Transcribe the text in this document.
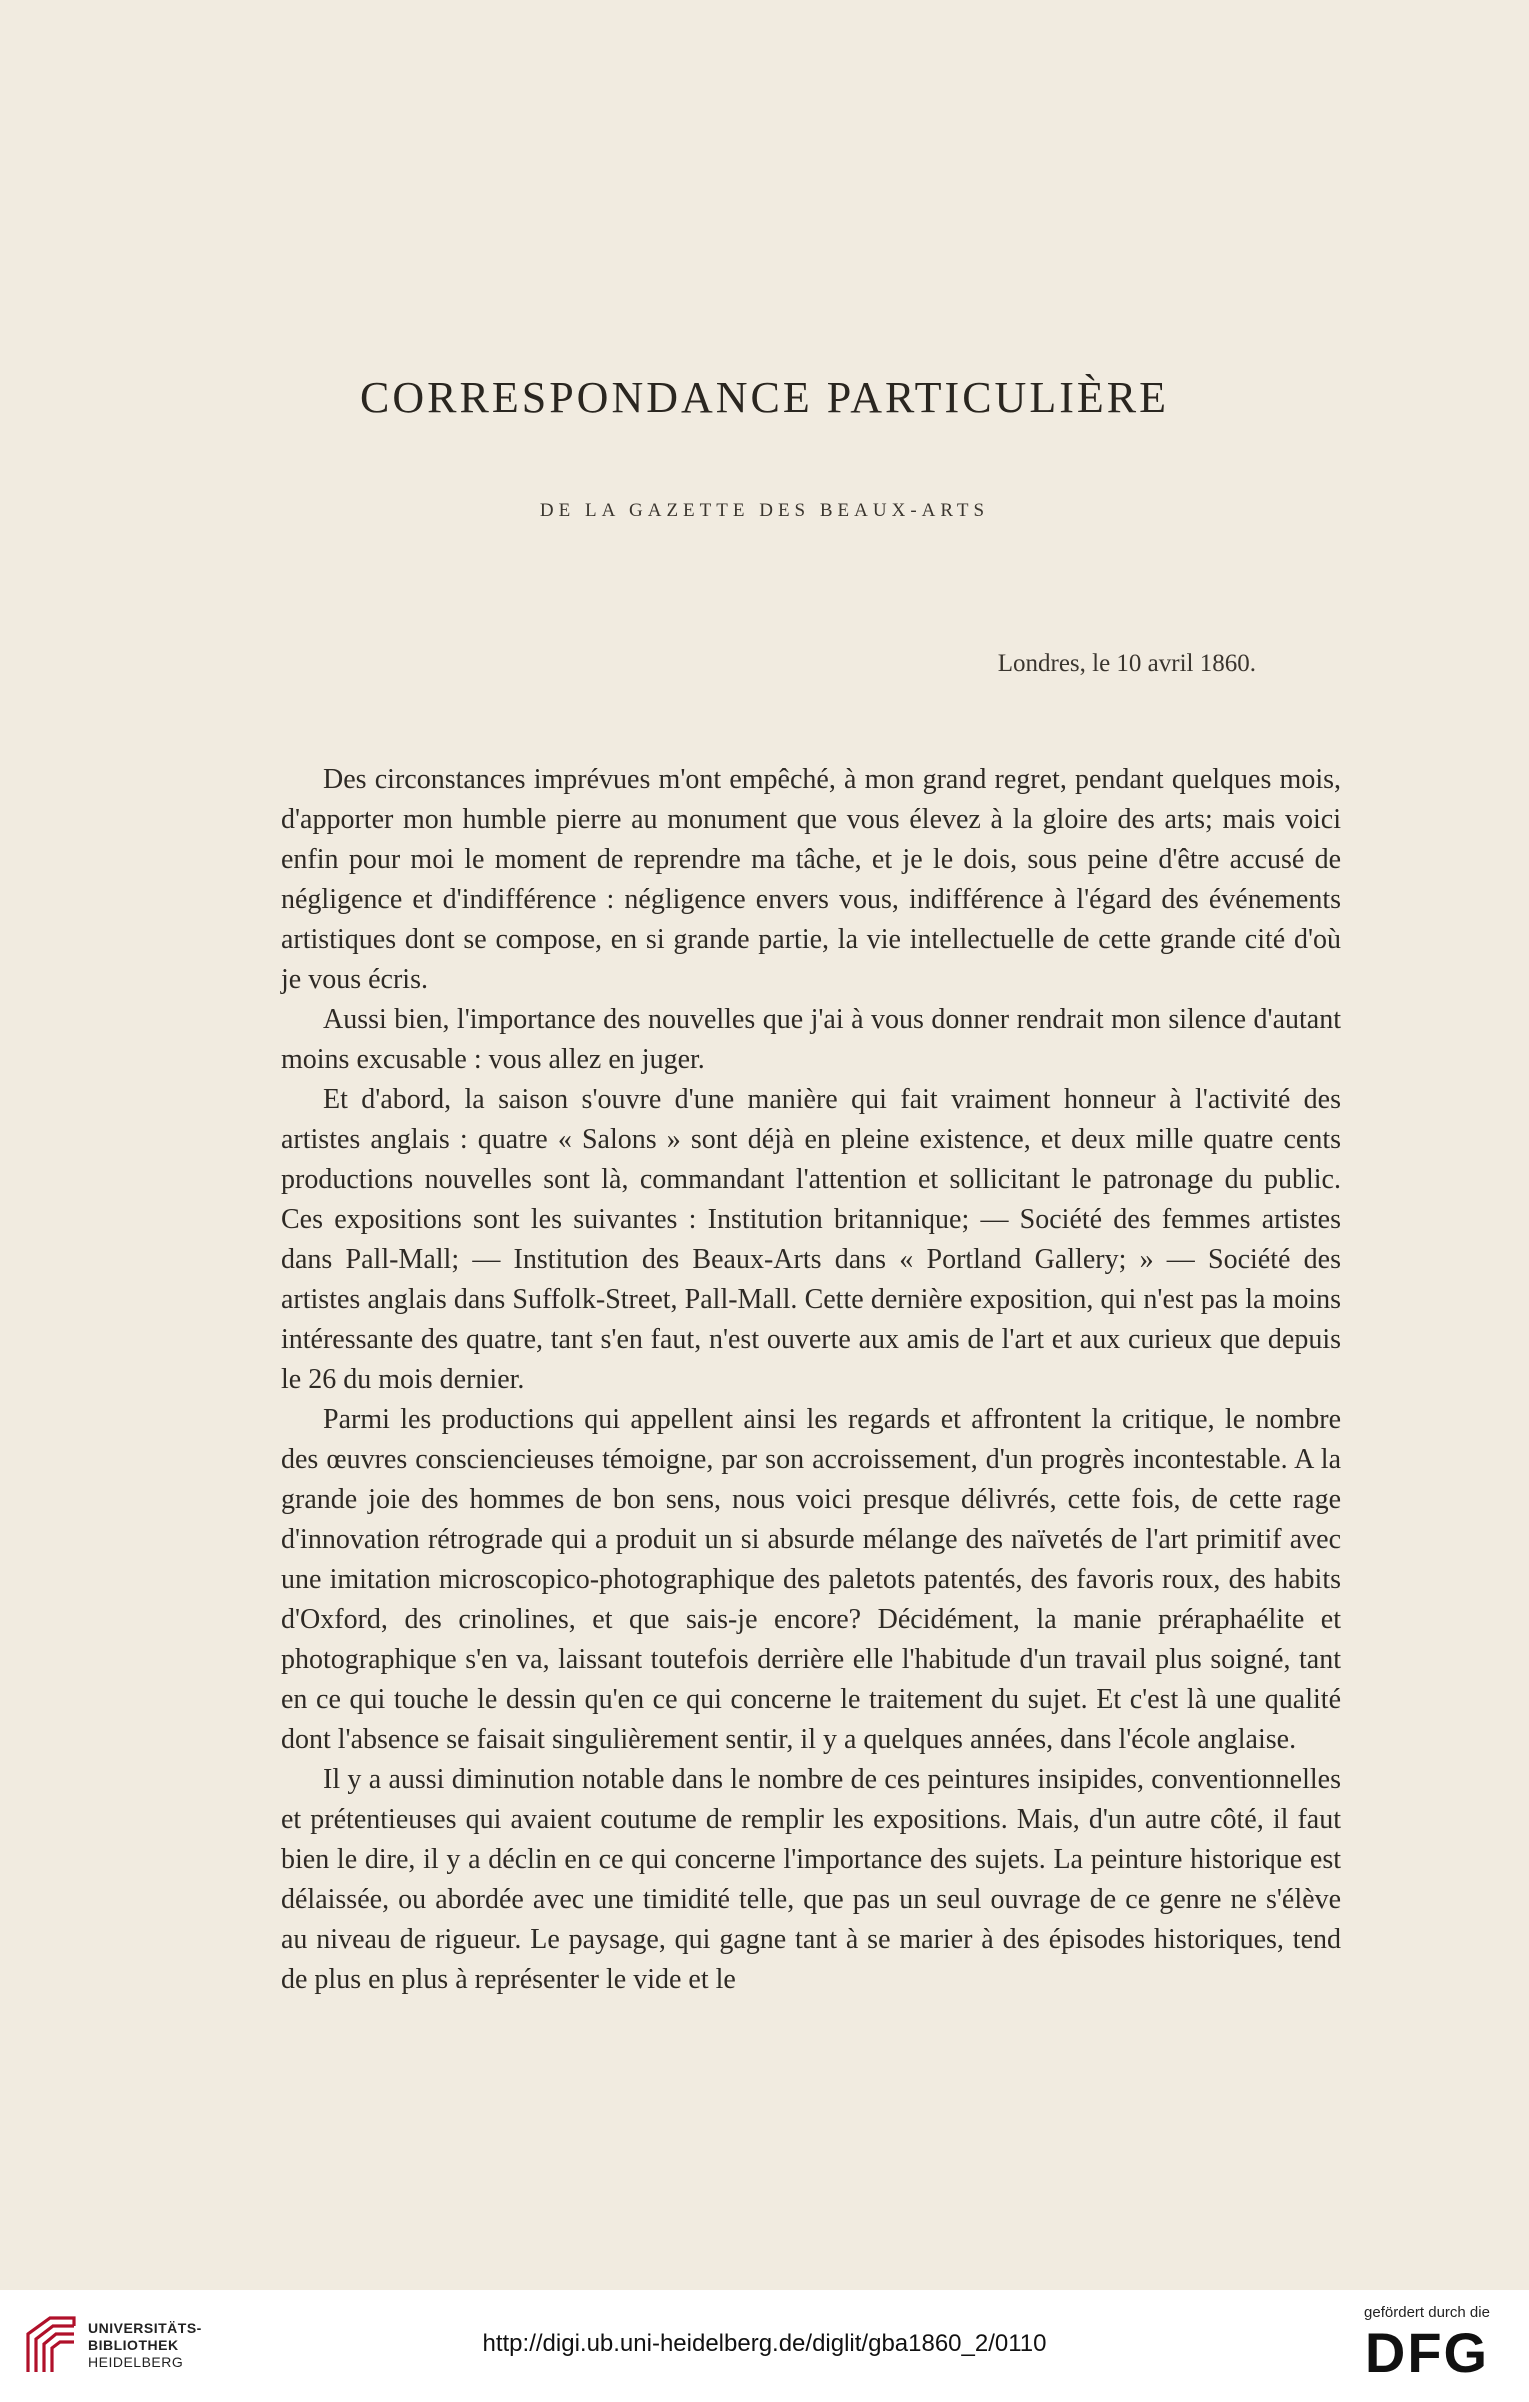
CORRESPONDANCE PARTICULIÈRE
DE LA GAZETTE DES BEAUX-ARTS
Londres, le 10 avril 1860.

Des circonstances imprévues m'ont empêché, à mon grand regret, pendant quelques mois, d'apporter mon humble pierre au monument que vous élevez à la gloire des arts; mais voici enfin pour moi le moment de reprendre ma tâche, et je le dois, sous peine d'être accusé de négligence et d'indifférence : négligence envers vous, indifférence à l'égard des événements artistiques dont se compose, en si grande partie, la vie intellectuelle de cette grande cité d'où je vous écris.

Aussi bien, l'importance des nouvelles que j'ai à vous donner rendrait mon silence d'autant moins excusable : vous allez en juger.

Et d'abord, la saison s'ouvre d'une manière qui fait vraiment honneur à l'activité des artistes anglais : quatre « Salons » sont déjà en pleine existence, et deux mille quatre cents productions nouvelles sont là, commandant l'attention et sollicitant le patronage du public. Ces expositions sont les suivantes : Institution britannique; — Société des femmes artistes dans Pall-Mall; — Institution des Beaux-Arts dans « Portland Gallery; » — Société des artistes anglais dans Suffolk-Street, Pall-Mall. Cette dernière exposition, qui n'est pas la moins intéressante des quatre, tant s'en faut, n'est ouverte aux amis de l'art et aux curieux que depuis le 26 du mois dernier.

Parmi les productions qui appellent ainsi les regards et affrontent la critique, le nombre des œuvres consciencieuses témoigne, par son accroissement, d'un progrès incontestable. A la grande joie des hommes de bon sens, nous voici presque délivrés, cette fois, de cette rage d'innovation rétrograde qui a produit un si absurde mélange des naïvetés de l'art primitif avec une imitation microscopico-photographique des paletots patentés, des favoris roux, des habits d'Oxford, des crinolines, et que sais-je encore? Décidément, la manie préraphaélite et photographique s'en va, laissant toutefois derrière elle l'habitude d'un travail plus soigné, tant en ce qui touche le dessin qu'en ce qui concerne le traitement du sujet. Et c'est là une qualité dont l'absence se faisait singulièrement sentir, il y a quelques années, dans l'école anglaise.

Il y a aussi diminution notable dans le nombre de ces peintures insipides, conventionnelles et prétentieuses qui avaient coutume de remplir les expositions. Mais, d'un autre côté, il faut bien le dire, il y a déclin en ce qui concerne l'importance des sujets. La peinture historique est délaissée, ou abordée avec une timidité telle, que pas un seul ouvrage de ce genre ne s'élève au niveau de rigueur. Le paysage, qui gagne tant à se marier à des épisodes historiques, tend de plus en plus à représenter le vide et le

UNIVERSITÄTS-
BIBLIOTHEK
HEIDELBERG
http://digi.ub.uni-heidelberg.de/diglit/gba1860_2/0110
gefördert durch die
DFG
